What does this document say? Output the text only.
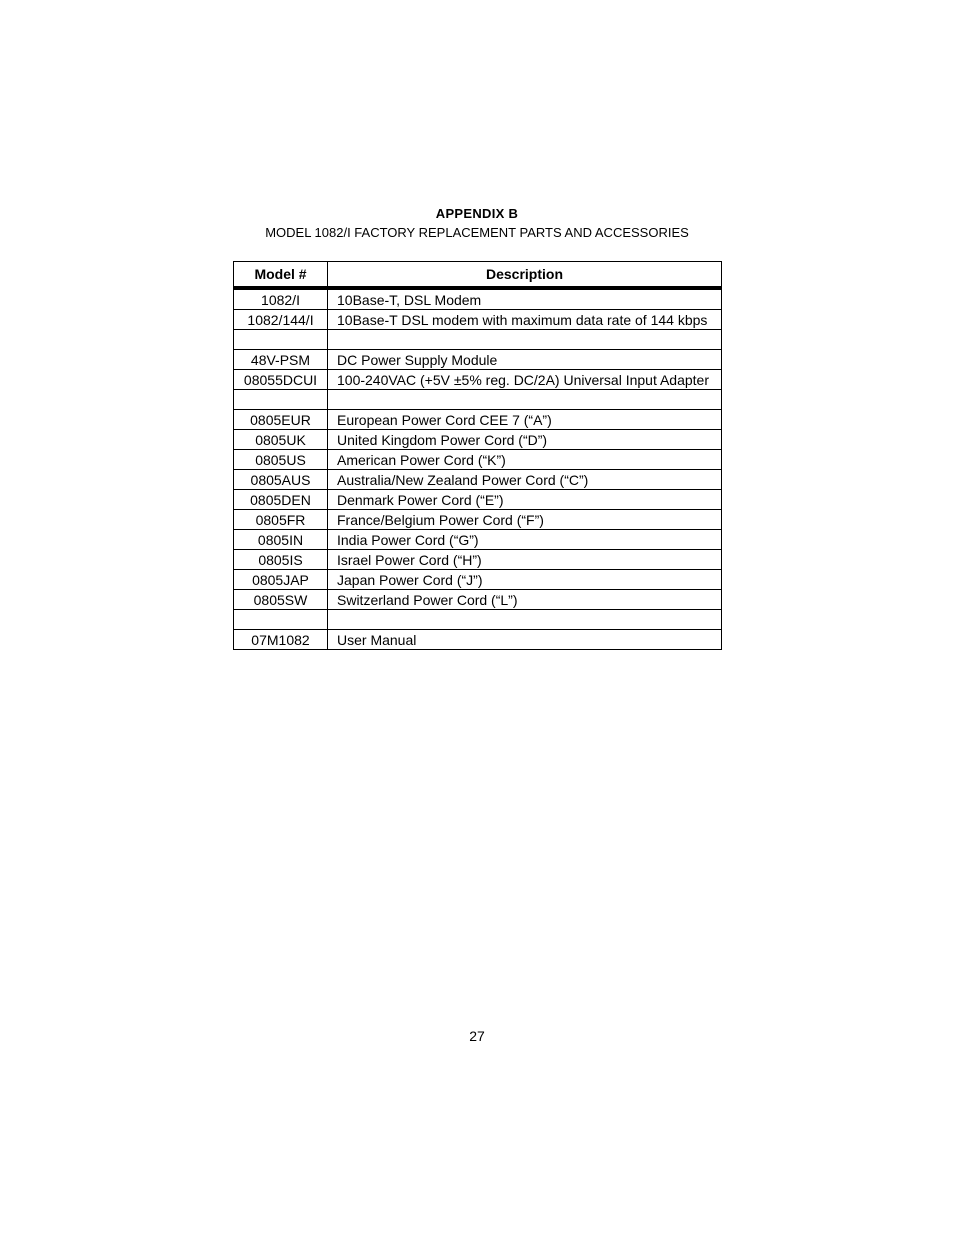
APPENDIX B
MODEL 1082/I FACTORY REPLACEMENT PARTS AND ACCESSORIES
Model #	Description
1082/I	10Base-T, DSL Modem
1082/144/I	10Base-T DSL modem with maximum data rate of 144 kbps

48V-PSM	DC Power Supply Module
08055DCUI	100-240VAC (+5V ±5% reg. DC/2A) Universal Input Adapter

0805EUR	European Power Cord CEE 7 (“A”)
0805UK	United Kingdom Power Cord (“D”)
0805US	American Power Cord (“K”)
0805AUS	Australia/New Zealand Power Cord (“C”)
0805DEN	Denmark Power Cord (“E”)
0805FR	France/Belgium Power Cord (“F”)
0805IN	India Power Cord (“G”)
0805IS	Israel Power Cord (“H”)
0805JAP	Japan Power Cord (“J”)
0805SW	Switzerland Power Cord (“L”)

07M1082	User Manual
27
